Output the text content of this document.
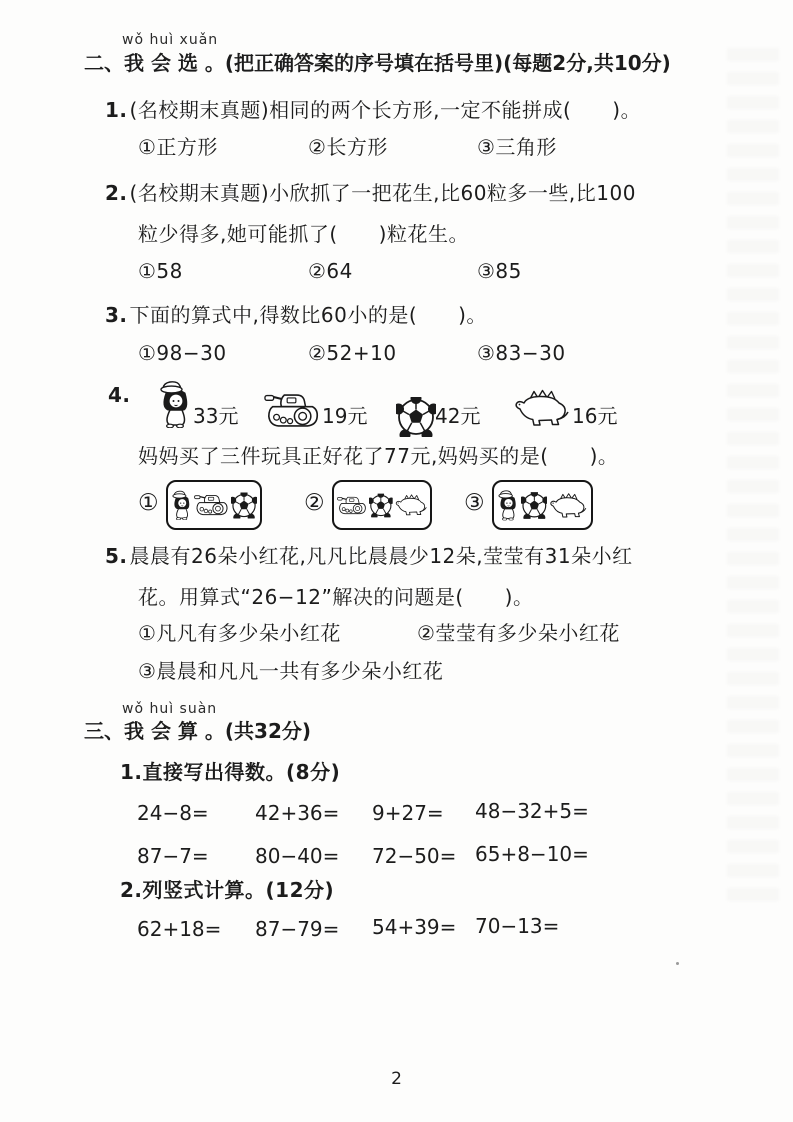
wǒ huì xuǎn
二、我 会 选 。(把正确答案的序号填在括号里)(每题2分,共10分)
1. (名校期末真题)相同的两个长方形,一定不能拼成(　　)。
①正方形	②长方形	③三角形
2. (名校期末真题)小欣抓了一把花生,比60粒多一些,比100
粒少得多,她可能抓了(　　)粒花生。
①58	②64	③85
3. 下面的算式中,得数比60小的是(　　)。
①98−30	②52+10	③83−30
4.
33元	19元	42元	16元
妈妈买了三件玩具正好花了77元,妈妈买的是(　　)。
①	②	③
5. 晨晨有26朵小红花,凡凡比晨晨少12朵,莹莹有31朵小红
花。用算式“26−12”解决的问题是(　　)。
①凡凡有多少朵小红花	②莹莹有多少朵小红花
③晨晨和凡凡一共有多少朵小红花
wǒ huì suàn
三、我 会 算 。(共32分)
1.直接写出得数。(8分)
24−8= 42+36= 9+27= 48−32+5=
87−7= 80−40= 72−50= 65+8−10=
2.列竖式计算。(12分)
62+18= 87−79= 54+39= 70−13=
2
